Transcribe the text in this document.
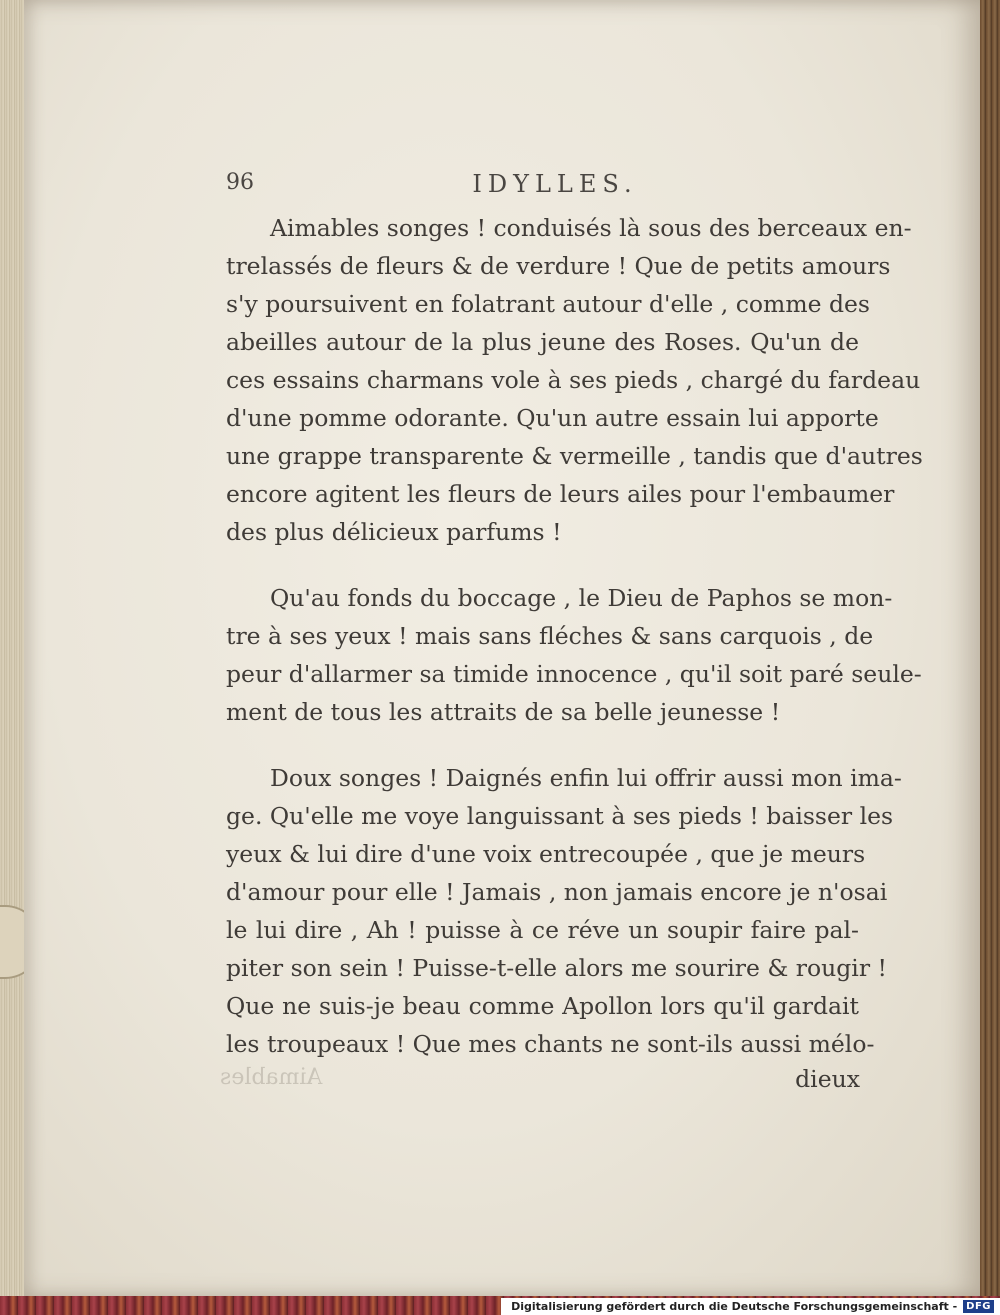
96	IDYLLES.
Aimables songes ! conduisés là sous des berceaux en-
trelassés de fleurs & de verdure ! Que de petits amours
s'y poursuivent en folatrant autour d'elle , comme des
abeilles autour de la plus jeune des Roses. Qu'un de
ces essains charmans vole à ses pieds , chargé du fardeau
d'une pomme odorante. Qu'un autre essain lui apporte
une grappe transparente & vermeille , tandis que d'autres
encore agitent les fleurs de leurs ailes pour l'embaumer
des plus délicieux parfums !
Qu'au fonds du boccage , le Dieu de Paphos se mon-
tre à ses yeux ! mais sans fléches & sans carquois , de
peur d'allarmer sa timide innocence , qu'il soit paré seule-
ment de tous les attraits de sa belle jeunesse !
Doux songes ! Daignés enfin lui offrir aussi mon ima-
ge. Qu'elle me voye languissant à ses pieds ! baisser les
yeux & lui dire d'une voix entrecoupée , que je meurs
d'amour pour elle ! Jamais , non jamais encore je n'osai
le lui dire , Ah ! puisse à ce réve un soupir faire pal-
piter son sein ! Puisse-t-elle alors me sourire & rougir !
Que ne suis-je beau comme Apollon lors qu'il gardait
les troupeaux ! Que mes chants ne sont-ils aussi mélo-
dieux
Aimables
Digitalisierung gefördert durch die Deutsche Forschungsgemeinschaft - DFG
